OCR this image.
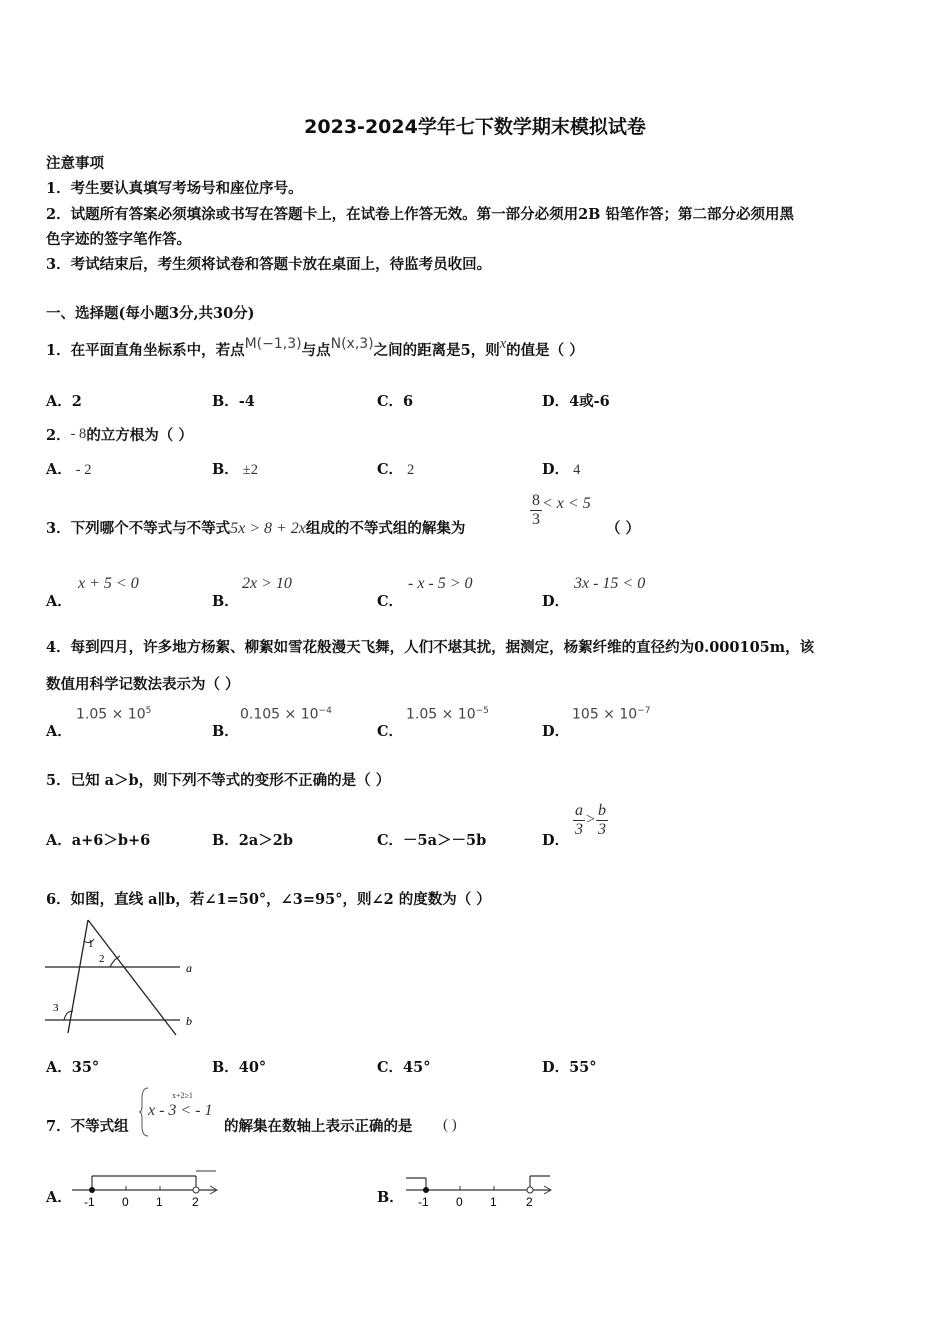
2023-2024学年七下数学期末模拟试卷
注意事项
1．考生要认真填写考场号和座位序号。
2．试题所有答案必须填涂或书写在答题卡上，在试卷上作答无效。第一部分必须用2B 铅笔作答；第二部分必须用黑
色字迹的签字笔作答。
3．考试结束后，考生须将试卷和答题卡放在桌面上，待监考员收回。
一、选择题(每小题3分,共30分)
1．在平面直角坐标系中，若点M(−1,3)与点N(x,3)之间的距离是5，则x的值是（ ）
A．2	B．-4	C．6	D．4或-6
2．- 8的立方根为（ ）
A． - 2	B． ±2	C． 2	D． 4
3．下列哪个不等式与不等式5x > 8 + 2x组成的不等式组的解集为
$\frac{8}{3} < x < 5$
（ ）
A．
x + 5 < 0
B．
2x > 10
C．
- x - 5 > 0
D．
3x - 15 < 0
4．每到四月，许多地方杨絮、柳絮如雪花般漫天飞舞，人们不堪其扰，据测定，杨絮纤维的直径约为0.000105m，该
数值用科学记数法表示为（ ）
A．
$1.05 \times 10^5$
B．
$0.105 \times 10^{-4}$
C．
$1.05 \times 10^{-5}$
D．
$105 \times 10^{-7}$
5．已知 a＞b，则下列不等式的变形不正确的是（ ）
A．a+6＞b+6	B．2a＞2b	C．－5a＞－5b	D．
$\frac{a}{3} > \frac{b}{3}$
6．如图，直线 a∥b，若∠1=50°，∠3=95°，则∠2 的度数为（ ）
1
2
3
a
b
A．35°	B．40°	C．45°	D．55°
7．不等式组
x+2≥1
x - 3 < - 1
的解集在数轴上表示正确的是 ( )
A． -1 0 1 2	B． -1 0 1 2
